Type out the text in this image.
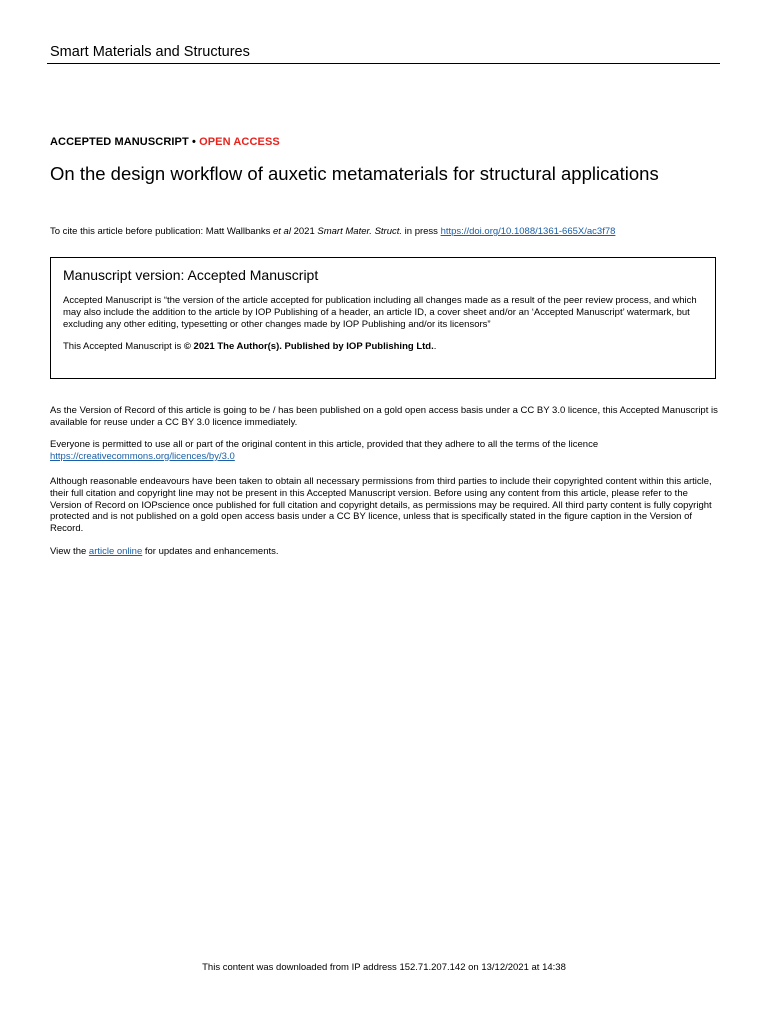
Smart Materials and Structures
ACCEPTED MANUSCRIPT • OPEN ACCESS
On the design workflow of auxetic metamaterials for structural applications
To cite this article before publication: Matt Wallbanks et al 2021 Smart Mater. Struct. in press https://doi.org/10.1088/1361-665X/ac3f78

Manuscript version: Accepted Manuscript

Accepted Manuscript is “the version of the article accepted for publication including all changes made as a result of the peer review process, and which may also include the addition to the article by IOP Publishing of a header, an article ID, a cover sheet and/or an ‘Accepted Manuscript’ watermark, but excluding any other editing, typesetting or other changes made by IOP Publishing and/or its licensors”

This Accepted Manuscript is © 2021 The Author(s). Published by IOP Publishing Ltd..

As the Version of Record of this article is going to be / has been published on a gold open access basis under a CC BY 3.0 licence, this Accepted Manuscript is available for reuse under a CC BY 3.0 licence immediately.

Everyone is permitted to use all or part of the original content in this article, provided that they adhere to all the terms of the licence
https://creativecommons.org/licences/by/3.0

Although reasonable endeavours have been taken to obtain all necessary permissions from third parties to include their copyrighted content within this article, their full citation and copyright line may not be present in this Accepted Manuscript version. Before using any content from this article, please refer to the Version of Record on IOPscience once published for full citation and copyright details, as permissions may be required. All third party content is fully copyright protected and is not published on a gold open access basis under a CC BY licence, unless that is specifically stated in the figure caption in the Version of Record.

View the article online for updates and enhancements.

This content was downloaded from IP address 152.71.207.142 on 13/12/2021 at 14:38
